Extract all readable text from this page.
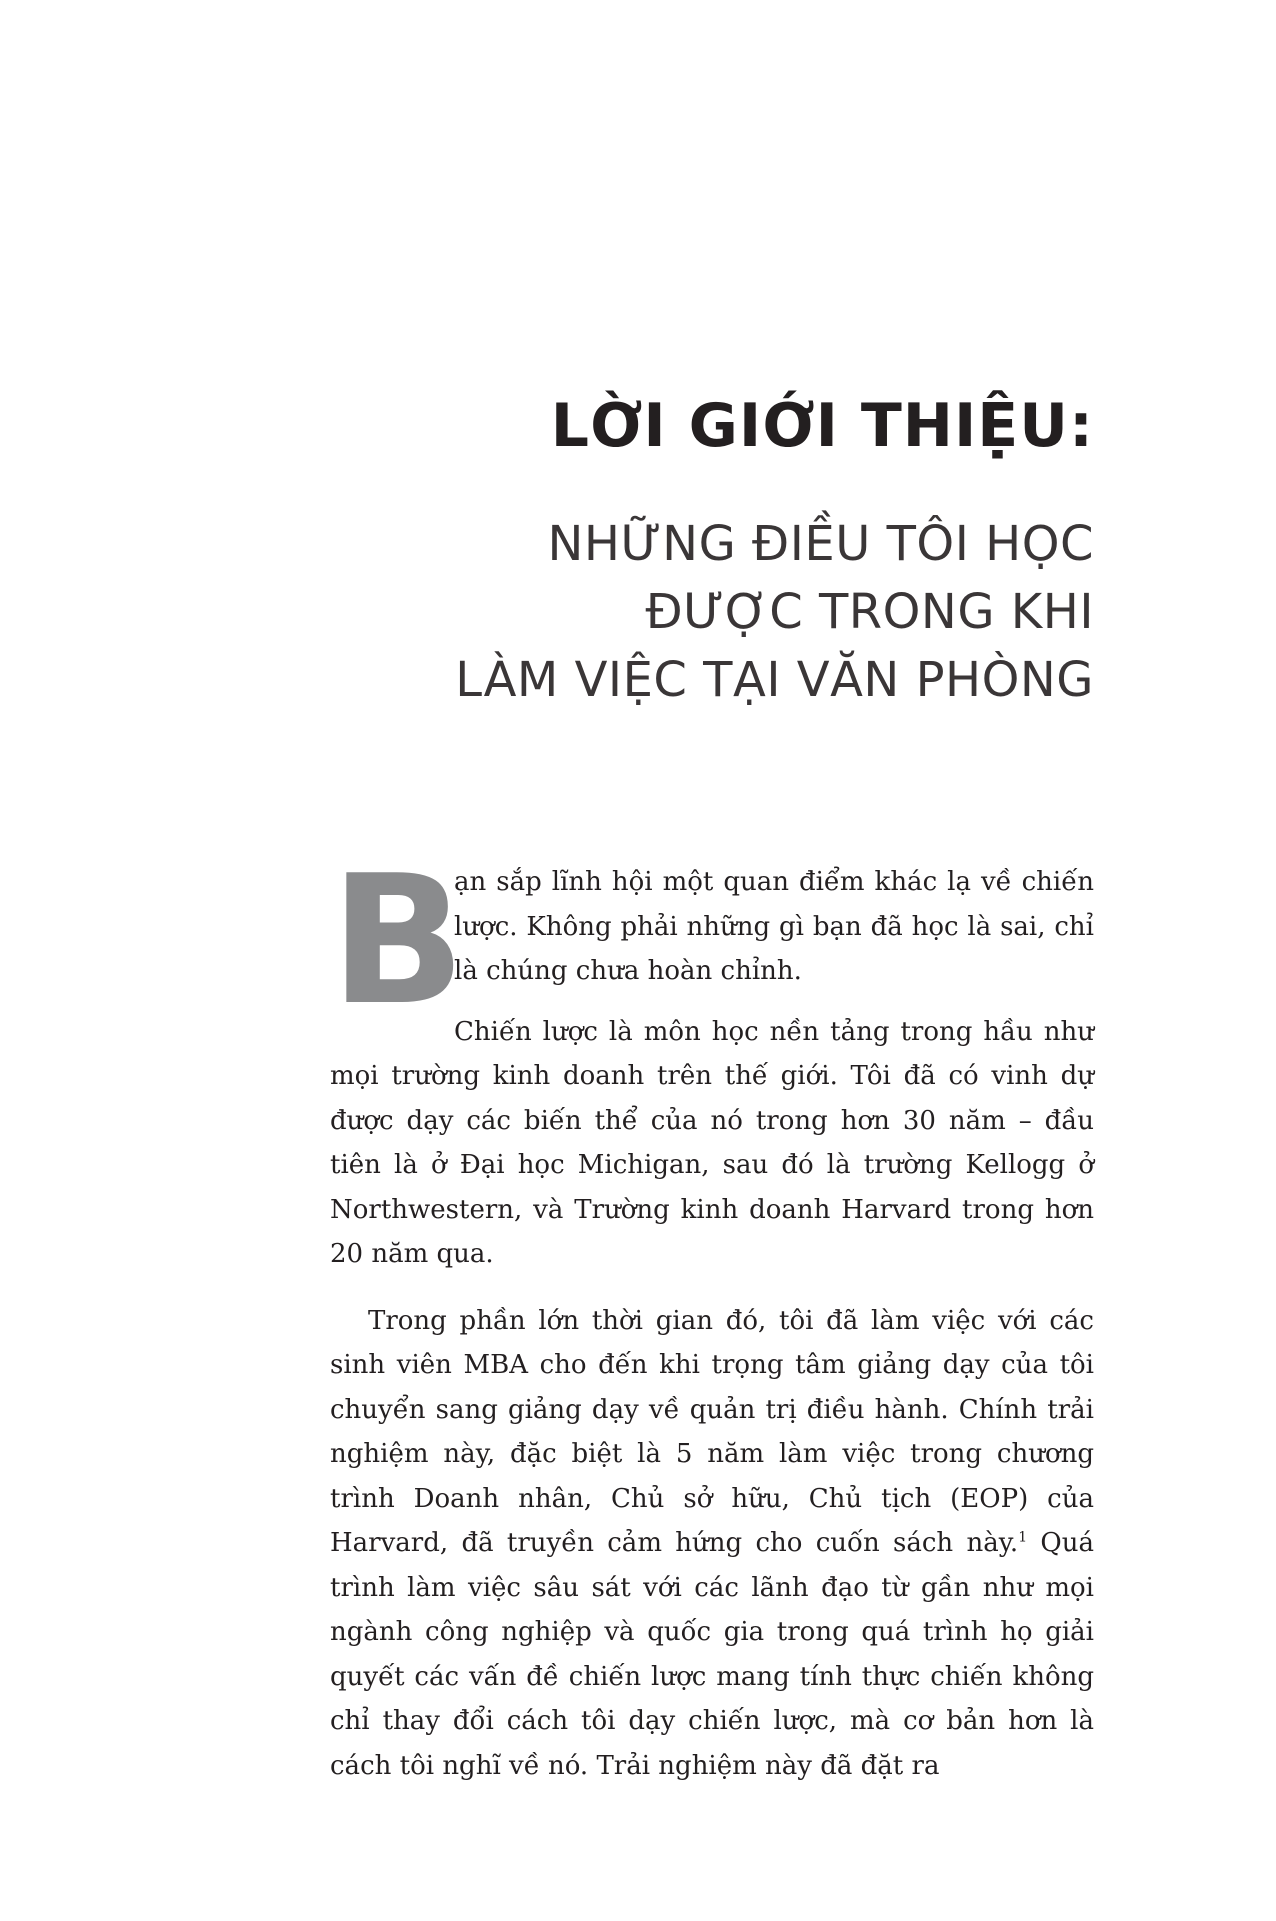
LỜI GIỚI THIỆU:
NHỮNG ĐIỀU TÔI HỌC
ĐƯỢC TRONG KHI
LÀM VIỆC TẠI VĂN PHÒNG
B

ạn sắp lĩnh hội một quan điểm khác lạ về chiến lược. Không phải những gì bạn đã học là sai, chỉ là chúng chưa hoàn chỉnh.

Chiến lược là môn học nền tảng trong hầu như mọi trường kinh doanh trên thế giới. Tôi đã có vinh dự được dạy các biến thể của nó trong hơn 30 năm – đầu tiên là ở Đại học Michigan, sau đó là trường Kellogg ở Northwestern, và Trường kinh doanh Harvard trong hơn 20 năm qua.

Trong phần lớn thời gian đó, tôi đã làm việc với các sinh viên MBA cho đến khi trọng tâm giảng dạy của tôi chuyển sang giảng dạy về quản trị điều hành. Chính trải nghiệm này, đặc biệt là 5 năm làm việc trong chương trình Doanh nhân, Chủ sở hữu, Chủ tịch (EOP) của Harvard, đã truyền cảm hứng cho cuốn sách này.$^1$ Quá trình làm việc sâu sát với các lãnh đạo từ gần như mọi ngành công nghiệp và quốc gia trong quá trình họ giải quyết các vấn đề chiến lược mang tính thực chiến không chỉ thay đổi cách tôi dạy chiến lược, mà cơ bản hơn là cách tôi nghĩ về nó. Trải nghiệm này đã đặt ra
